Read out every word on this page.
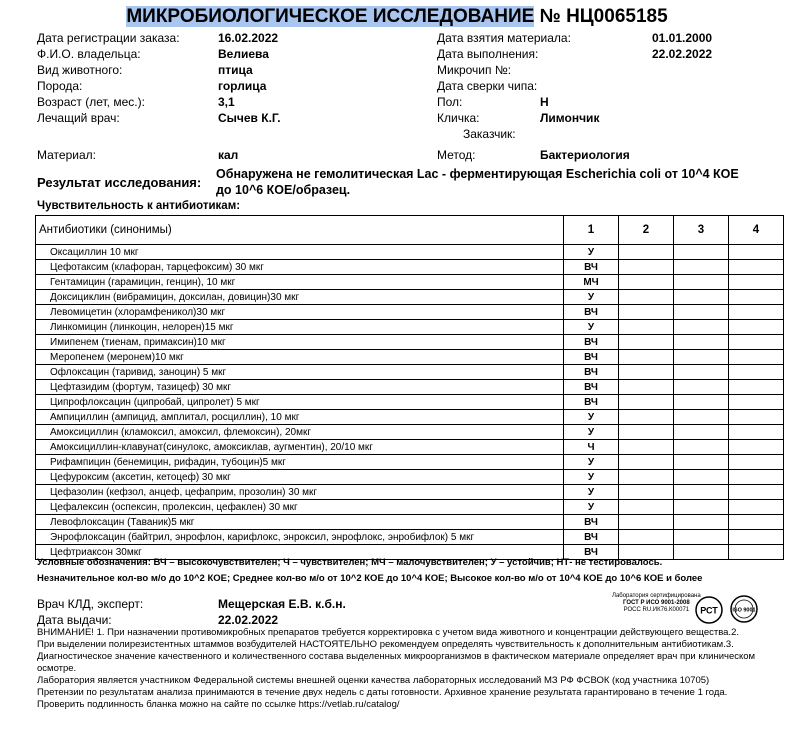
МИКРОБИОЛОГИЧЕСКОЕ ИССЛЕДОВАНИЕ № НЦ0065185
Дата регистрации заказа:	16.02.2022
Ф.И.О. владельца:	Велиева
Вид животного:	птица
Порода:	горлица
Возраст (лет, мес.):	3,1
Лечащий врач:	Сычев К.Г.
Дата взятия материала:	01.01.2000
Дата выполнения:	22.02.2022
Микрочип №:
Дата сверки чипа:
Пол:	Н
Кличка:	Лимончик
Заказчик:
Материал:	кал	Метод:	Бактериология
Результат исследования:
Обнаружена не гемолитическая Lac - ферментирующая Escherichia coli от 10^4 КОЕ до 10^6 КОЕ/образец.
Чувствительность к антибиотикам:
Антибиотики (синонимы)	1	2	3	4
Оксациллин 10 мкг	У			
Цефотаксим (клафоран, тарцефоксим) 30 мкг	ВЧ			
Гентамицин (гарамицин, генцин), 10 мкг	МЧ			
Доксициклин (вибрамицин, доксилан, довицин)30 мкг	У			
Левомицетин (хлорамфеникол)30 мкг	ВЧ			
Линкомицин (линкоцин, нелорен)15 мкг	У			
Имипенем (тиенам, примаксин)10 мкг	ВЧ			
Меропенем (меронем)10 мкг	ВЧ			
Офлоксацин (таривид, заноцин) 5 мкг	ВЧ			
Цефтазидим (фортум, тазицеф) 30 мкг	ВЧ			
Ципрофлоксацин (ципробай, ципролет) 5 мкг	ВЧ			
Ампициллин (ампицид, амплитал, росциллин), 10 мкг	У			
Амоксициллин (кламоксил, амоксил, флемоксин), 20мкг	У			
Амоксициллин-клавунат(синулокс, амоксиклав, аугментин), 20/10 мкг	Ч			
Рифампицин (бенемицин, рифадин, тубоцин)5 мкг	У			
Цефуроксим (аксетин, кетоцеф) 30 мкг	У			
Цефазолин (кефзол, анцеф, цефаприм, прозолин) 30 мкг	У			
Цефалексин (оспексин, пролексин, цефаклен) 30 мкг	У			
Левофлоксацин (Таваник)5 мкг	ВЧ			
Энрофлоксацин (байтрил, энрофлон, карифлокс, энроксил, энрофлокс, энробифлок) 5 мкг	ВЧ			
Цефтриаксон 30мкг	ВЧ			
Условные обозначения: ВЧ – высокочувствителен; Ч – чувствителен; МЧ – малочувствителен; У – устойчив; НТ- не тестировалось.
Незначительное кол-во м/о до 10^2 КОЕ; Среднее кол-во м/о от 10^2 КОЕ до 10^4 КОЕ; Высокое кол-во м/о от 10^4 КОЕ до 10^6 КОЕ и более
Врач КЛД, эксперт:	Мещерская Е.В. к.б.н.
Дата выдачи:	22.02.2022
Лаборатория сертифицирована
ГОСТ Р ИСО 9001-2008
РОСС RU.ИК76.К00071	РСТ	ISO 9001
ВНИМАНИЕ! 1. При назначении противомикробных препаратов требуется корректировка с учетом вида животного и концентрации действующего вещества.2. При выделении полирезистентных штаммов возбудителей НАСТОЯТЕЛЬНО рекомендуем определять чувствительность к дополнительным антибиотикам.3. Диагностическое значение качественного и количественного состава выделенных микроорганизмов в фактическом материале определяет врач при клиническом осмотре.
Лаборатория является участником Федеральной системы внешней оценки качества лабораторных исследований МЗ РФ ФСВОК (код участника 10705)
Претензии по результатам анализа принимаются в течение двух недель с даты готовности. Архивное хранение результата гарантировано в течение 1 года.
Проверить подлинность бланка можно на сайте по ссылке https://vetlab.ru/catalog/
